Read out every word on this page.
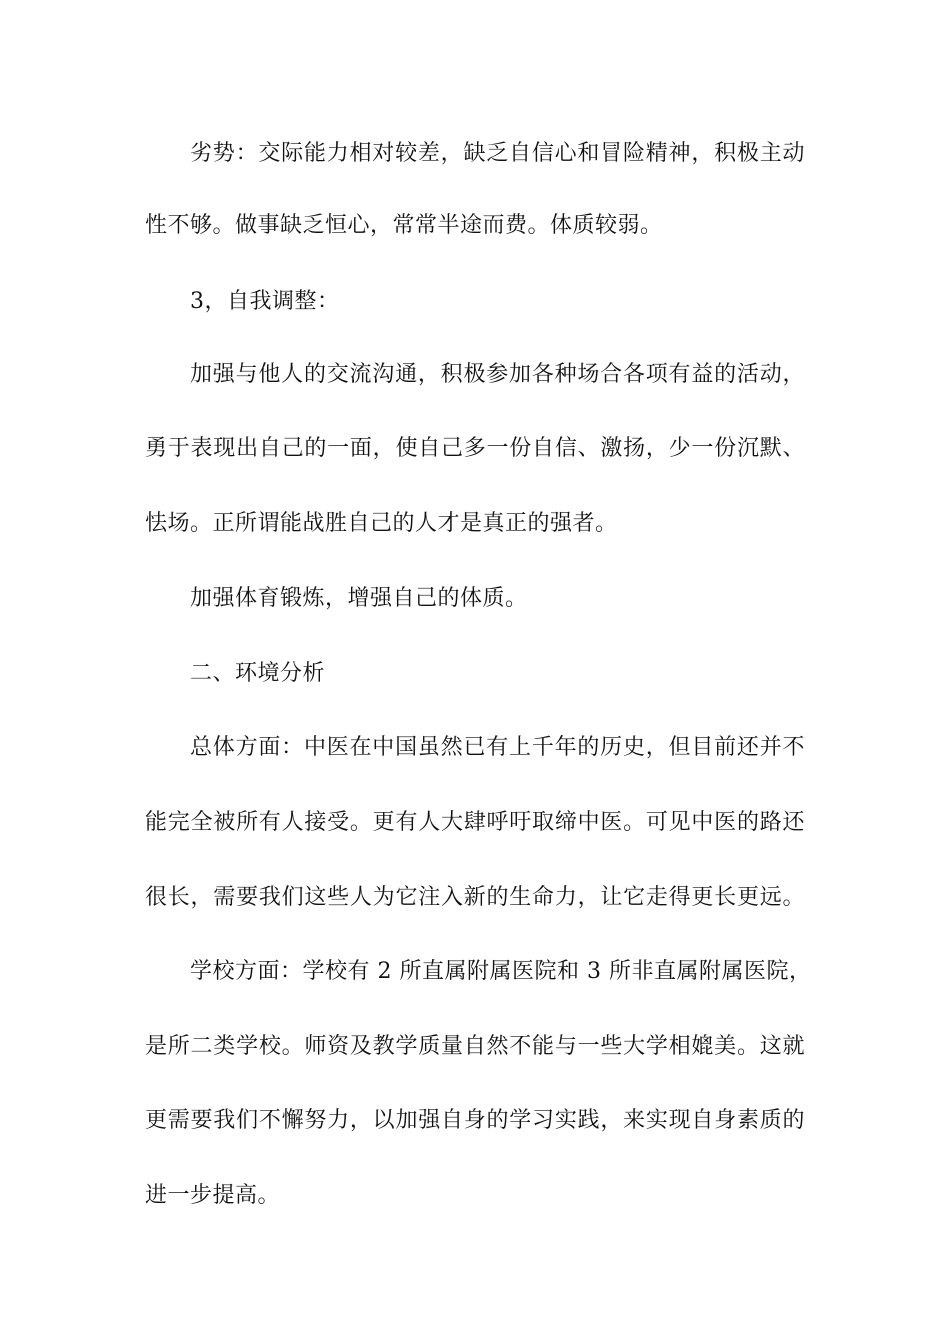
劣势：交际能力相对较差，缺乏自信心和冒险精神，积极主动
性不够。做事缺乏恒心，常常半途而费。体质较弱。
3，自我调整：
加强与他人的交流沟通，积极参加各种场合各项有益的活动，
勇于表现出自己的一面，使自己多一份自信、激扬，少一份沉默、
怯场。正所谓能战胜自己的人才是真正的强者。
加强体育锻炼，增强自己的体质。
二、环境分析
总体方面：中医在中国虽然已有上千年的历史，但目前还并不
能完全被所有人接受。更有人大肆呼吁取缔中医。可见中医的路还
很长，需要我们这些人为它注入新的生命力，让它走得更长更远。
学校方面：学校有 2 所直属附属医院和 3 所非直属附属医院，
是所二类学校。师资及教学质量自然不能与一些大学相媲美。这就
更需要我们不懈努力，以加强自身的学习实践，来实现自身素质的
进一步提高。
